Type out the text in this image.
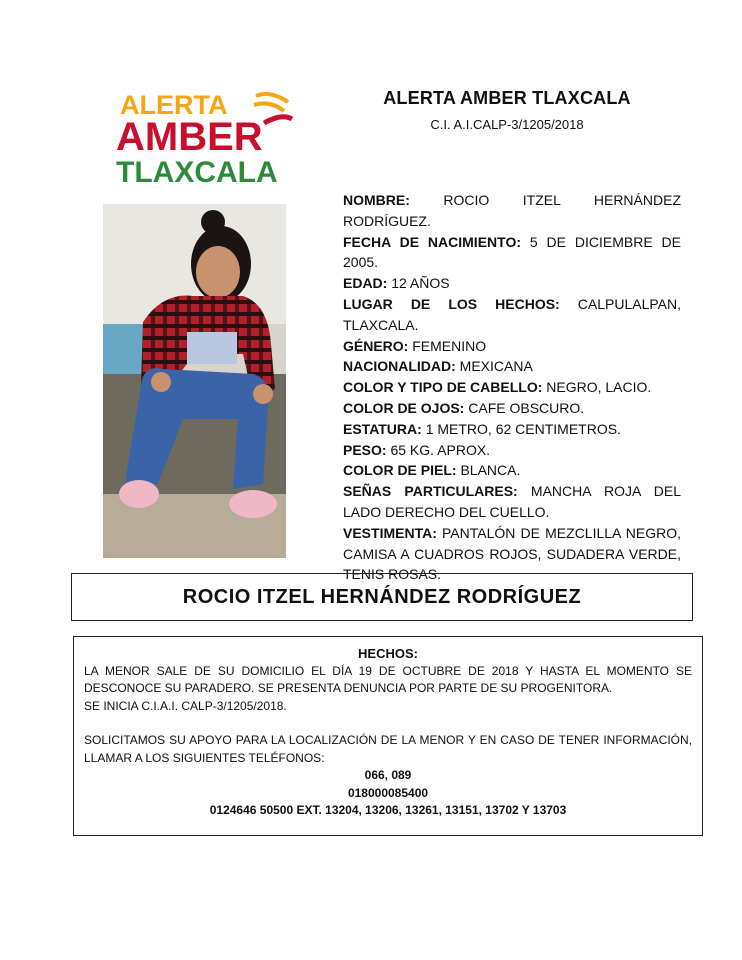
ALERTA
AMBER
TLAXCALA
ALERTA AMBER TLAXCALA
C.I. A.I.CALP-3/1205/2018

NOMBRE: ROCIO ITZEL HERNÁNDEZ RODRÍGUEZ.

FECHA DE NACIMIENTO: 5 DE DICIEMBRE DE 2005.

EDAD: 12 AÑOS

LUGAR DE LOS HECHOS: CALPULALPAN, TLAXCALA.

GÉNERO: FEMENINO

NACIONALIDAD: MEXICANA

COLOR Y TIPO DE CABELLO: NEGRO, LACIO.

COLOR DE OJOS: CAFE OBSCURO.

ESTATURA: 1 METRO, 62 CENTIMETROS.

PESO: 65 KG. APROX.

COLOR DE PIEL: BLANCA.

SEÑAS PARTICULARES: MANCHA ROJA DEL LADO DERECHO DEL CUELLO.

VESTIMENTA: PANTALÓN DE MEZCLILLA NEGRO, CAMISA A CUADROS ROJOS, SUDADERA VERDE, TENIS ROSAS.

ROCIO ITZEL HERNÁNDEZ RODRÍGUEZ
HECHOS:

LA MENOR SALE DE SU DOMICILIO EL DÍA 19 DE OCTUBRE DE 2018 Y HASTA EL MOMENTO SE DESCONOCE SU PARADERO. SE PRESENTA DENUNCIA POR PARTE DE SU PROGENITORA.

SE INICIA C.I.A.I. CALP-3/1205/2018.

SOLICITAMOS SU APOYO PARA LA LOCALIZACIÓN DE LA MENOR Y EN CASO DE TENER INFORMACIÓN, LLAMAR A LOS SIGUIENTES TELÉFONOS:

066, 089
018000085400
0124646 50500 EXT. 13204, 13206, 13261, 13151, 13702 Y 13703
